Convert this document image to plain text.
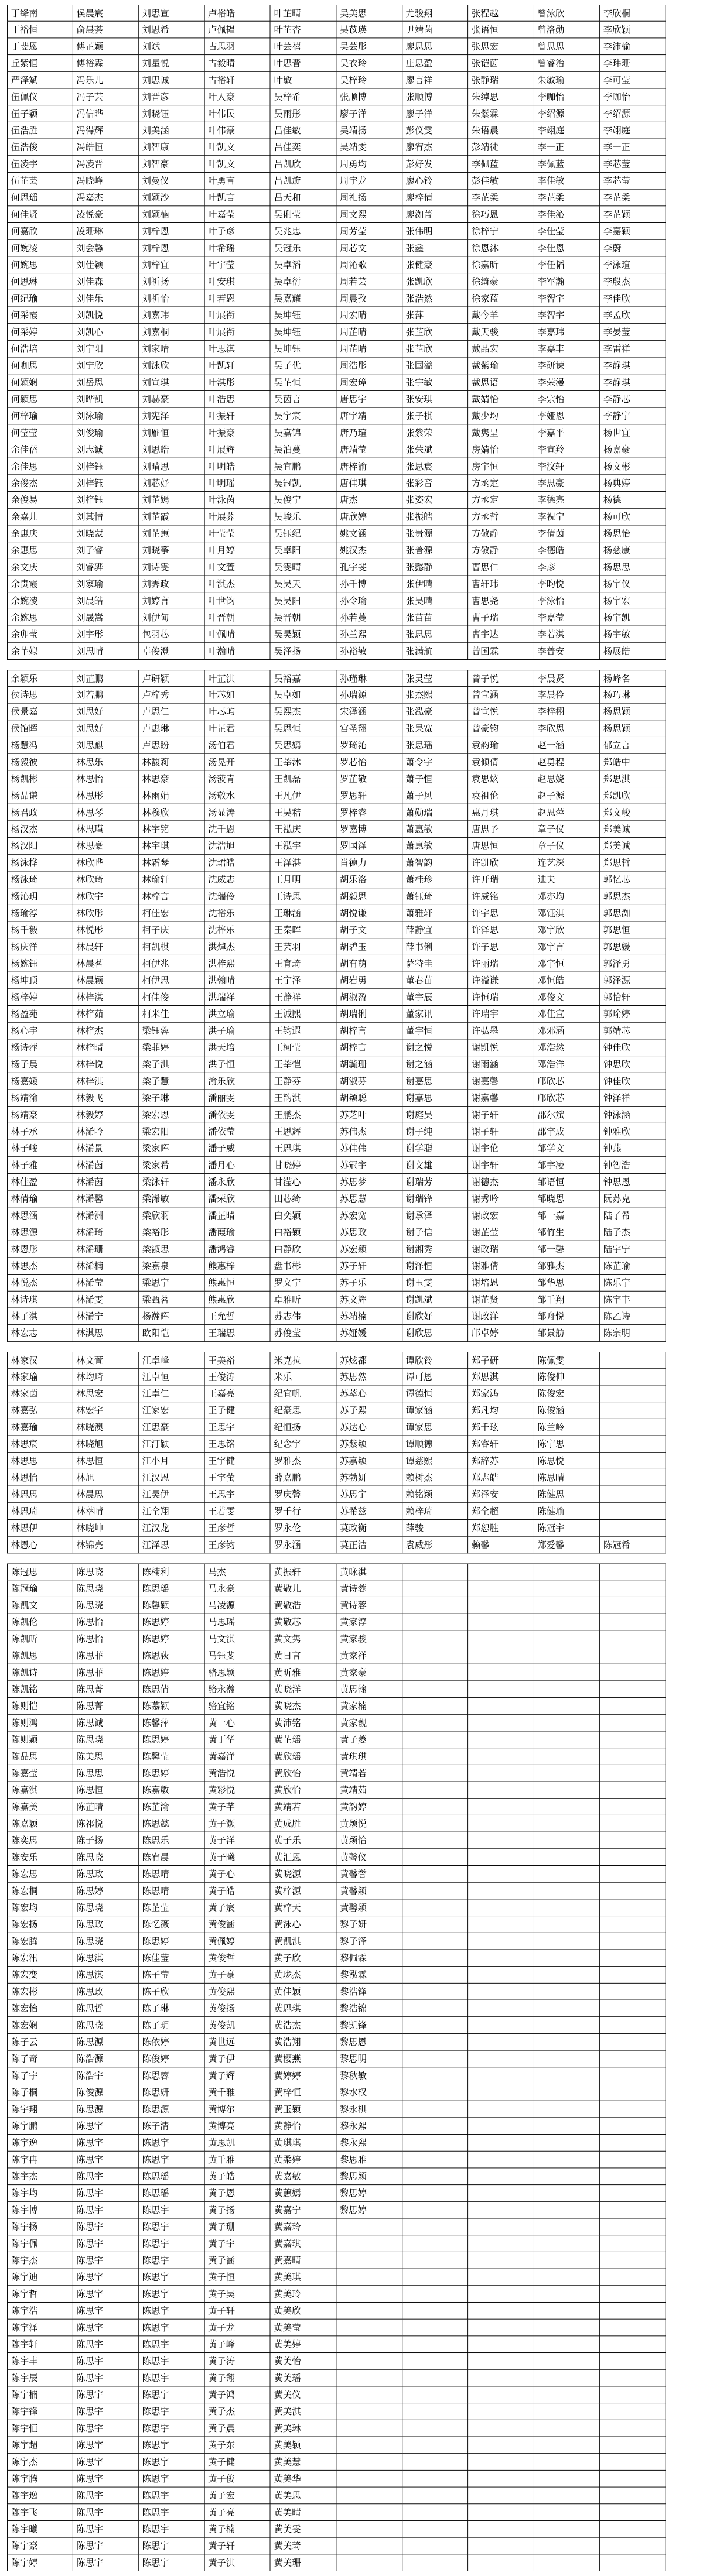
丁绛南	侯晨宸	刘思宣	卢裕皓	叶芷晴	吴美思	尤骏翔	张程越	曾泳欣	李欣桐
丁裕恒	俞晨荟	刘思希	卢佩韫	叶芷杏	吴苡瑛	尹靖茵	张语恒	曾洛勋	李欣颖
丁斐恩	傅芷颖	刘斌	古思羽	叶芸禧	吴芸彤	廖思思	张思宏	曾思思	李沛榆
丘紫恒	傅裕霖	刘星悦	古毅晴	叶思晋	吴衣玲	庄思盈	张铠茵	曾睿治	李玮珊
严泽斌	冯乐儿	刘思诚	古裕轩	叶敏	吴梓玲	廖言祥	张静瑞	朱敏瑜	李可莹
伍佩仪	冯子芸	刘晋彦	叶人豪	吴梓希	张顺博	张顺博	朱绰思	李咖怡	李咖怡
伍子颖	冯信晔	刘晓钰	叶伟民	吴雨彤	廖子洋	廖子洋	朱紫霖	李绍源	李绍源
伍浩胜	冯得辉	刘美涵	叶伟豪	吕佳敏	吴靖扬	彭仪雯	朱语晨	李翊庭	李翊庭
伍浩俊	冯皓恒	刘智康	叶凯文	吕佳奕	吴靖雯	廖宥杰	彭靖徒	李一正	李一正
伍凌宇	冯凌晋	刘智豪	叶凯文	吕凯欣	周勇均	彭好发	李佩蓝	李佩蓝	李芯莹
伍芷芸	冯晓峰	刘曼仪	叶勇言	吕凯旋	周宇龙	廖心铃	彭佳敏	李佳敏	李芯莹
何思瑶	冯嘉杰	刘颖沙	叶凯言	吕天和	周礼扬	廖梓倩	李芷柔	李芷柔	李芷柔
何佳贤	凌悦豪	刘颖楠	叶嘉莹	吴俐莹	周文熙	廖洳菁	徐巧恩	李佳沁	李芷颖
何嘉欣	凌珊琳	刘梓恩	叶子彦	吴兆忠	周芳莹	张伟明	徐梓宁	李佳莹	李嘉颖
何婉凌	刘会馨	刘梓恩	叶希瑶	吴冠乐	周芯文	张鑫	徐恩沐	李佳恩	李蔚
何婉思	刘佳颖	刘梓宜	叶宇莹	吴卓滔	周沁歌	张健豪	徐嘉昕	李任韬	李泳瑄
何思琳	刘佳森	刘祈扬	叶安琪	吴卓衍	周若芸	张凯欣	徐绮豪	李军瀚	李殷杰
何纪瑜	刘佳乐	刘祈怡	叶若恩	吴嘉耀	周晨孜	张浩然	徐家蓝	李智宇	李佳欣
何采霞	刘凯悦	刘嘉玮	叶展衔	吴坤钰	周宏晴	张萍	戴今羊	李智宇	李孟欣
何采婷	刘凯心	刘嘉桐	叶展衔	吴坤钰	周芷晴	张芷欣	戴天骏	李嘉玮	李晏莹
何浩培	刘宁阳	刘家晴	叶思淇	吴坤钰	周芷晴	张芷欣	戴品宏	李嘉丰	李雷祥
何咖思	刘宁欣	刘泳欣	叶凯轩	吴子优	周浩彤	张国溢	戴紫瑜	李研谏	李静琪
何颖娴	刘岳思	刘宣琪	叶淇彤	吴芷恒	周宏璋	张宇敏	戴思语	李荣漫	李静琪
何颖思	刘晔凯	刘赫豪	叶浩思	吴茵言	唐思宇	张安琪	戴婧怡	李宗怡	李静芯
何梓瑜	刘泳瑜	刘宪泽	叶振轩	吴宇宸	唐宇靖	张子棋	戴少均	李娅恩	李静宁
何莹莹	刘俊瑜	刘雁恒	叶振豪	吴嘉锦	唐乃瑄	张紫荣	戴隽呈	李嘉平	杨世宜
余佳蓓	刘志诚	刘思皓	叶展辉	吴泊蔓	唐靖莹	张荣斌	房婧怡	李宣羚	杨嘉豪
余佳思	刘梓钰	刘晴思	叶明皓	吴宜鹏	唐梓渝	张思宸	房宇恒	李汶轩	杨文彬
余俊杰	刘梓钰	刘芯妤	叶明瑶	吴冠凯	唐佳琪	张彩音	方丞定	李思豪	杨典婷
余俊易	刘梓钰	刘芷嫣	叶泳茵	吴俊宁	唐杰	张姿宏	方丞定	李德亮	杨德
余嘉儿	刘其情	刘芷霞	叶展荞	吴峻乐	唐欣婷	张振皓	方丞哲	李祝宁	杨可欣
余惠庆	刘晓蒙	刘芷蕙	叶莹莹	吴钰纪	姚文涵	张贵源	方敬静	李倩茵	杨思怡
余惠思	刘子睿	刘晓筝	叶月婷	吴卓阳	姚汉杰	张普源	方敬静	李德皓	杨慈康
余文庆	刘睿骅	刘诗雯	叶文萱	吴雯晴	孔宇斐	张懿静	曹思仁	李彦	杨思思
余贵霞	刘家瑜	刘霁政	叶淇杰	吴昊天	孙千博	张伊晴	曹轩玮	李昀悦	杨宇仪
余婉凌	刘晨皓	刘婷言	叶世钧	吴昊阳	孙令瑜	张吴晴	曹思尧	李泳怡	杨宇宏
余婉思	刘晟嵩	刘伊甸	叶晋朝	吴晋朝	孙若蔓	张苗苗	曹子瑞	李嘉莹	杨宇凯
余卯莹	刘宇彤	包羽芯	叶佩晴	吴昊颖	孙兰熙	张思思	曹宇达	李若淇	杨宇敏
余芊姒	刘思晴	卓俊澄	叶瀚晴	吴泽扬	孙裕敏	张满航	曾国霖	李普安	杨展皓
余颖乐	刘芷鹏	卢研颖	叶芷淇	吴裕嘉	孙瑾琳	张灵莹	曾子悦	李晨贤	杨峰名
侯诗思	刘若鹏	卢梓秀	叶芯如	吴卓如	孙瑞源	张杰熙	曾宣涵	李晨伶	杨巧琳
侯景嘉	刘思好	卢思仁	叶芯屿	吴熙杰	宋泽涵	张泓豪	曾宣悦	李梓栩	杨思颖
侯馆晖	刘思好	卢惠琳	叶芷君	吴思恒	宫圣翔	张果宽	曾豪钧	李欣思	杨思颖
杨慧冯	刘思麒	卢思盼	汤伯君	吴思嫣	罗琦沁	张思瑶	袁韵瑜	赵一涵	郁立言
杨毅彼	林思乐	林馥莉	汤晃开	王莘沐	罗芯怡	萧令宇	袁倾倩	赵勇程	郑皓中
杨凯彬	林思怡	林思豪	汤菠青	王凯磊	罗芷敬	萧子恒	袁思炫	赵思娆	郑思淇
杨品谦	林思彤	林雨娟	汤敬水	王凡伊	罗思轩	萧子风	袁祖伦	赵子源	郑凯欣
杨君政	林思琴	林穆欣	汤显涛	王昊秸	罗梓睿	萧勋瑞	惠月琪	赵恩萍	郑文峻
杨汉杰	林思瑾	林宇铭	沈千恩	王泓庆	罗嘉博	萧惠敏	唐思予	章子仪	郑美诚
杨汉阳	林思豪	林宇琪	沈浩旭	王泓宇	罗国泽	萧惠敏	唐思恒	章子仪	郑美诚
杨泳桦	林欣晔	林霜琴	沈珺皓	王泽湛	肖德力	萧智韵	许凯欣	连艺深	郑思哲
杨泳琦	林欣琦	林瑜轩	沈威志	王月明	胡乐洛	萧桂珍	许开瑞	迪夫	郭忆芯
杨沁玥	林欣宇	林梓言	沈瑞伶	王诗思	胡毅思	萧钰琦	许威铭	邓亦均	郭思杰
杨瑜淳	林欣彤	柯佳宏	沈裕乐	王琳涵	胡悦谦	萧雅轩	许宇思	邓钰淇	郭思洳
杨千毅	林悦彤	柯子庆	沈梓乐	王秦晖	胡子文	薛静宜	许泽思	邓宇欣	郭思恒
杨庆洋	林晨轩	柯凯棋	洪焯杰	王芸羽	胡碧玉	薛书俐	许子思	邓宇言	郭思媛
杨婉钰	林晨茗	柯伊兆	洪梓熙	王育琦	胡有萌	萨特圭	许丽瑞	邓宇恒	郭泽勇
杨坤顶	林晨颖	柯伊思	洪翰晴	王宁泽	胡岩勇	董春苗	许溢谦	邓恒皓	郭泽源
杨梓婷	林梓淇	柯佳俊	洪瑞祥	王静祥	胡淑盈	董宇辰	许恒瑞	邓俊文	郭怡轩
杨盈苑	林梓茹	柯米佳	洪立瑜	王诚熙	胡瑞俐	董家讯	许瑞宇	邓佳宣	郭瑜婷
杨心宇	林梓杰	梁钰蓉	洪子瑜	王钧遐	胡梓言	董宇恒	许弘墨	邓邪涵	郭靖芯
杨诗萍	林梓晴	梁菲婷	洪天培	王柯莹	胡梓言	谢之悦	谢凯悦	邓浩然	钟佳欣
杨子晨	林梓悦	梁子淇	洪子恒	王莘恺	胡毓珊	谢之涵	谢雨涵	邓浩洋	钟思欣
杨嘉媛	林梓淇	梁子慧	渝乐欣	王静芬	胡淑芬	谢嘉思	谢嘉馨	邝欣芯	钟佳欣
杨靖渝	林毅飞	梁子琳	潘丽雯	王韵淇	胡颖聪	谢嘉思	谢嘉馨	邝欣芯	钟泽祥
杨靖豪	林毅婷	梁宏恩	潘依雯	王鹏杰	苏芝叶	谢庭昊	谢子轩	邵尔斌	钟泳涵
林子承	林浠吟	梁宏阳	潘依莹	王思辉	苏伟杰	谢子纯	谢子轩	邵宇成	钟雅欣
林子峻	林浠景	梁家晖	潘子威	王思琪	苏佳伟	谢学聪	谢宇伦	邹学文	钟燕
林子雅	林浠茵	梁家希	潘月心	甘晓婷	苏冠宇	谢文雄	谢宇轩	邹宇凌	钟智浩
林佳盈	林浠茵	梁泳轩	潘永欣	甘滢心	苏思梦	谢瑞芳	谢德杰	邹语恒	钟思恩
林倩瑜	林浠馨	梁浠敏	潘荣欣	田芯绮	苏思慧	谢瑞锋	谢秀吟	邹晓思	阮苏克
林思涵	林浠洲	梁欣羽	潘芷晴	白奕颖	苏宏宽	谢承泽	谢政宏	邹一嘉	陆子希
林思源	林浠琦	梁裕彤	潘葭瑜	白裕颖	苏思政	谢子信	谢芷莹	邹竹生	陆子杰
林恩彤	林浠珊	梁淑思	潘鸿睿	白静欣	苏宏颖	谢湘秀	谢政瑞	邹一馨	陆宇宁
林思杰	林浠楠	梁嘉泉	熊惠梓	盘书彬	苏子轩	谢泽恒	谢雅倩	邹雅杰	陈芷瑜
林悦杰	林浠莹	梁思宁	熊惠恒	罗文宁	苏子乐	谢玉雯	谢培恩	邹华思	陈乐宁
林诗琪	林浠雯	梁甄茗	熊惠欣	卓雅昕	苏文辉	谢凯斌	谢芷贤	邹千翔	陈宇丰
林子淇	林浠宁	杨瀚晖	王允哲	苏志伟	苏靖楠	谢欣好	谢政洋	邹舟悦	陈乙诗
林宏志	林淇思	欧阳恺	王瑞思	苏俊莹	苏娅媛	谢欣思	邝卓婷	邹景舫	陈宗明
林家汉	林文萱	江卓峰	王美裕	米克拉	苏炫都	谭欣铃	郑子研	陈佩雯
林家瑜	林均琦	江卓恒	王俊涛	米乐	苏思然	谭可恩	郑思淇	陈俊伸
林家茵	林思宏	江卓仁	王嘉亮	纪宜帆	苏萃心	谭德恒	郑家鸿	陈俊宏
林嘉弘	林宏宇	江家宏	王子健	纪豪思	苏子熙	谭家涵	郑凡均	陈俊涵
林嘉瑜	林晓澳	江思豪	王思宇	纪恒扬	苏达心	谭家思	郑千玹	陈兰岭
林思宸	林晓旭	江汀颖	王思铭	纪念宇	苏紫颖	谭顺德	郑睿轩	陈宁思
林思思	林思恒	江小月	王宇健	罗雅杰	苏嘉颖	谭慈熙	郑辞苏	陈思悦
林思怡	林旭	江汉恩	王宇萤	薛嘉鹏	苏勃妍	赖树杰	郑志皓	陈思晴
林思思	林晨思	江昊伊	王思宇	罗庆馨	苏思宁	赖铭颖	郑泽安	陈健思
林思琦	林萃晴	江仝翔	王若雯	罗千行	苏希兹	赖梓琦	郑仝超	陈健瑜
林思伊	林晓坤	江汉龙	王彦哲	罗永伦	莫政衡	薛骏	郑恕胜	陈冠宇
林恩心	林锦亮	江泽思	王彦钧	罗永涵	莫正洁	袁威彤	赖馨	郑爱馨	陈冠希
陈冠思	陈思晓	陈楠利	马杰	黄振轩	黄咏淇
陈冠瑜	陈思晓	陈思瑶	马永豪	黄敬儿	黄诗蓉
陈凯文	陈思晓	陈馨颖	马凌源	黄敬浩	黄诗蓉
陈凯伦	陈思怡	陈思婷	马思瑶	黄敬芯	黄家淳
陈凯昕	陈思怡	陈思婷	马文淇	黄文隽	黄家骏
陈凯思	陈思菲	陈思荻	马钰斐	黄日言	黄家祥
陈凯诗	陈思菲	陈思婷	骆思颖	黄昕雅	黄家豪
陈凯铭	陈思菁	陈思倩	骆永瀚	黄晓洋	黄思翰
陈则恺	陈思菁	陈慕颖	骆宜铭	黄晓杰	黄家楠
陈则鸿	陈思诚	陈馨萍	黄一心	黄沛铭	黄家靓
陈则颖	陈思晓	陈思婷	黄丁华	黄芷瑶	黄子菱
陈品思	陈美思	陈馨莹	黄嘉洋	黄欣瑶	黄琪琪
陈嘉莹	陈思思	陈思婷	黄浩悦	黄欣怡	黄靖若
陈嘉淇	陈思恒	陈嘉敏	黄彩悦	黄欣怡	黄靖茹
陈嘉美	陈芷晴	陈芷渝	黄子芊	黄靖若	黄韵婷
陈嘉颖	陈祁悦	陈思懿	黄子灏	黄成胜	黄颖悦
陈奕思	陈子扬	陈思乐	黄子洋	黄子乐	黄颖怡
陈安乐	陈思晓	陈宥晨	黄子曦	黄汇恩	黄馨仪
陈宏思	陈思政	陈思晴	黄子心	黄晓源	黄馨誉
陈宏桐	陈思婷	陈思晴	黄子皓	黄梓源	黄馨颖
陈宏均	陈思晓	陈芷莹	黄子宸	黄梓天	黄馨颖
陈宏扬	陈思政	陈忆薇	黄俊涵	黄泳心	黎子妍
陈宏腾	陈思晓	陈思婷	黄佩婷	黄凯淇	黎子泽
陈宏汛	陈思淇	陈佳莹	黄俊哲	黄子欣	黎佩霖
陈宏变	陈思淇	陈子莹	黄子豪	黄珑杰	黎泓霖
陈宏彬	陈思政	陈子欣	黄俊熙	黄佳颖	黎浩锋
陈宏怡	陈思哲	陈子琳	黄俊扬	黄思琪	黎浩锦
陈宏娴	陈思晓	陈子玥	黄俊凯	黄浩杰	黎凯锋
陈子云	陈思源	陈依婷	黄世远	黄浩翔	黎思恩
陈子奇	陈浩源	陈俊婷	黄子伊	黄樱燕	黎思明
陈子宇	陈浩宇	陈思蓉	黄子辉	黄婷婷	黎秋敏
陈子桐	陈俊源	陈思妍	黄千雅	黄梓恒	黎水权
陈宇翔	陈思源	陈思源	黄博尔	黄玉颖	黎永棋
陈宇鹏	陈思宇	陈子清	黄博亮	黄静怡	黎永熙
陈宇逸	陈思宇	陈思宇	黄思凯	黄琪琪	黎永熙
陈宇冉	陈思宇	陈思宇	黄千雅	黄柔婷	黎思雅
陈宇杰	陈思宇	陈思瑶	黄子皓	黄嘉敏	黎思颖
陈宇均	陈思宇	陈思瑶	黄子恩	黄蕙嫣	黎思婷
陈宇博	陈思宇	陈思宇	黄子扬	黄嘉宁	黎思婷
陈宇扬	陈思宇	陈思宇	黄子珊	黄嘉玲
陈宇佩	陈思宇	陈思宇	黄子宇	黄嘉琪
陈宇杰	陈思宇	陈思宇	黄子涵	黄嘉晴
陈宇迪	陈思宇	陈思宇	黄子恒	黄美琪
陈宇哲	陈思宇	陈思宇	黄子昊	黄美玲
陈宇浩	陈思宇	陈思宇	黄子轩	黄美欣
陈宇泽	陈思宇	陈思宇	黄子龙	黄美莹
陈宇轩	陈思宇	陈思宇	黄子峰	黄美婷
陈宇丰	陈思宇	陈思宇	黄子涛	黄美怡
陈宇辰	陈思宇	陈思宇	黄子翔	黄美瑶
陈宇楠	陈思宇	陈思宇	黄子鸿	黄美仪
陈宇锋	陈思宇	陈思宇	黄子杰	黄美淇
陈宇恒	陈思宇	陈思宇	黄子晨	黄美琳
陈宇超	陈思宇	陈思宇	黄子东	黄美颖
陈宇杰	陈思宇	陈思宇	黄子健	黄美慧
陈宇腾	陈思宇	陈思宇	黄子俊	黄美华
陈宇逸	陈思宇	陈思宇	黄子宏	黄美思
陈宇飞	陈思宇	陈思宇	黄子亮	黄美晴
陈宇曦	陈思宇	陈思宇	黄子楠	黄美雯
陈宇豪	陈思宇	陈思宇	黄子轩	黄美琦
陈宇婷	陈思宇	陈思宇	黄子淇	黄美珊
